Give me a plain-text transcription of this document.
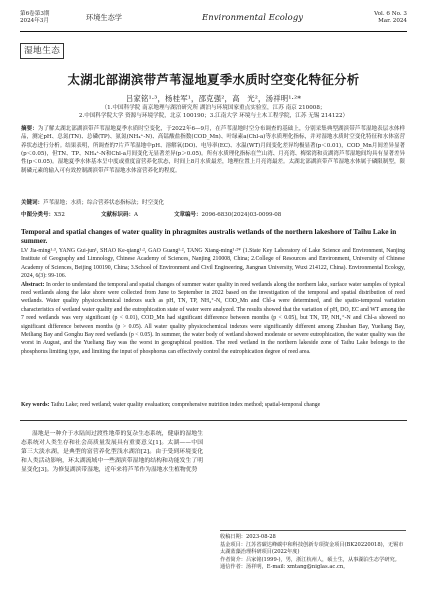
第6卷第3期
2024年3月	环境生态学	Environmental Ecology	Vol. 6 No. 3
Mar. 2024
湿地生态
太湖北部湖滨带芦苇湿地夏季水质时空变化特征分析
吕家铭¹·³，杨桂军¹，邵克强²，高　光²，汤祥明¹·²*
（1.中国科学院 南京地理与湖泊研究所 湖泊与环境国家重点实验室，江苏 南京 210008；
2.中国科学院大学 资源与环境学院，北京 100190；3.江南大学 环境与土木工程学院，江苏 无锡 214122）
摘要：为了解太湖北部湖滨带芦苇湿地夏季水质时空变化，于2022年6—9月，在芦苇湿地时空分布调查的基础上，分别采集典型湖滨带芦苇湿地表层水体样品，测定pH、总氮(TN)、总磷(TP)、氨氮(NH₄⁺-N)、高锰酸盐指数(COD_Mn)、叶绿素a(Chl-a)等水质理化指标，并对湿地水质时空变化特征和水体富营养状态进行分析。结果表明，所调查的7片芦苇湿地中pH、溶解氧(DO)、电导率(EC)、水温(WT)月间变化差异均极显著(p＜0.01)，COD_Mn月间差异显著(p＜0.05)，但TN、TP、NH₄⁺-N和Chl-a月间变化无显著差异(p＞0.05)。所有水质理化指标在竺山湾、月亮湾、梅梁湾和贡湖湾芦苇湿地间均具有显著差异性(p＜0.05)。湿地夏季水体基本呈中度或重度富营养化状态，时间上8月水质最差，地理位置上月亮湾最差。太湖北部湖滨带芦苇湿地水体属于磷限制型，限制磷元素的输入可有效控制湖滨带芦苇湿地水体富营养化的程度。
关键词：芦苇湿地；水质；综合营养状态指标法；时空变化
中图分类号：X52	文献标识码：A	文章编号：2096-6830(2024)03-0099-08
Temporal and spatial changes of water quality in phragmites australis wetlands of the northern lakeshore of Taihu Lake in summer.
LV Jia-ming¹·³, YANG Gui-jun¹, SHAO Ke-qiang¹·², GAO Guang¹·², TANG Xiang-ming¹·²* (1.State Key Laboratory of Lake Science and Environment, Nanjing Institute of Geography and Limnology, Chinese Academy of Sciences, Nanjing 210008, China; 2.College of Resources and Environment, University of Chinese Academy of Sciences, Beijing 100190, China; 3.School of Environment and Civil Engineering, Jiangnan University, Wuxi 214122, China). Environmental Ecology, 2024, 6(3): 99-106.
Abstract: In order to understand the temporal and spatial changes of summer water quality in reed wetlands along the northern lake, surface water samples of typical reed wetlands along the lake shore were collected from June to September in 2022 based on the investigation of the temporal and spatial distribution of reed wetlands. Water quality physicochemical indexes such as pH, TN, TP, NH₄⁺-N, COD_Mn and Chl-a were determined, and the spatio-temporal variation characteristics of wetland water quality and the eutrophication state of water were analyzed. The results showed that the variation of pH, DO, EC and WT among the 7 reed wetlands was very significant (p < 0.01), COD_Mn had significant difference between months (p < 0.05), but TN, TP, NH₄⁺-N and Chl-a showed no significant difference between months (p > 0.05). All water quality physicochemical indexes were significantly different among Zhushan Bay, Yueliang Bay, Meiliang Bay and Gonghu Bay reed wetlands (p < 0.05). In summer, the water body of wetland showed moderate or severe eutrophication, the water quality was the worst in August, and the Yueliang Bay was the worst in geographical position. The reed wetland in the northern lakeside zone of Taihu Lake belongs to the phosphorus limiting type, and limiting the input of phosphorus can effectively control the eutrophication degree of reed area.
Key words: Taihu Lake; reed wetland; water quality evaluation; comprehensive nutrition index method; spatial-temporal change

湿地是一种介于水陆间过渡性地带的复杂生态系统，健康的湿地生态系统对人类生存和社会高质量发展具有重要意义[1]。太湖——中国第三大淡水湖，是典型的富营养化型浅水湖泊[2]。由于受到环境变化和人类活动影响，环太湖流域中一些湖滨带湿地的结构和功能发生了明显变化[3]。为修复湖滨带湿地，近年来将芦苇作为湿地水生植物优势

收稿日期：2023-08-28
基金项目：江苏省碳达峰碳中和科技创新专项资金项目(BK20220018)，无锡市太湖蓝藻治理科研项目(2022年度)
作者简介：吕家铭(1999-)，男，浙江杭州人，硕士生，从事湖泊生态学研究。
通信作者：汤祥明，E-mail: xmtang@niglas.ac.cn。
